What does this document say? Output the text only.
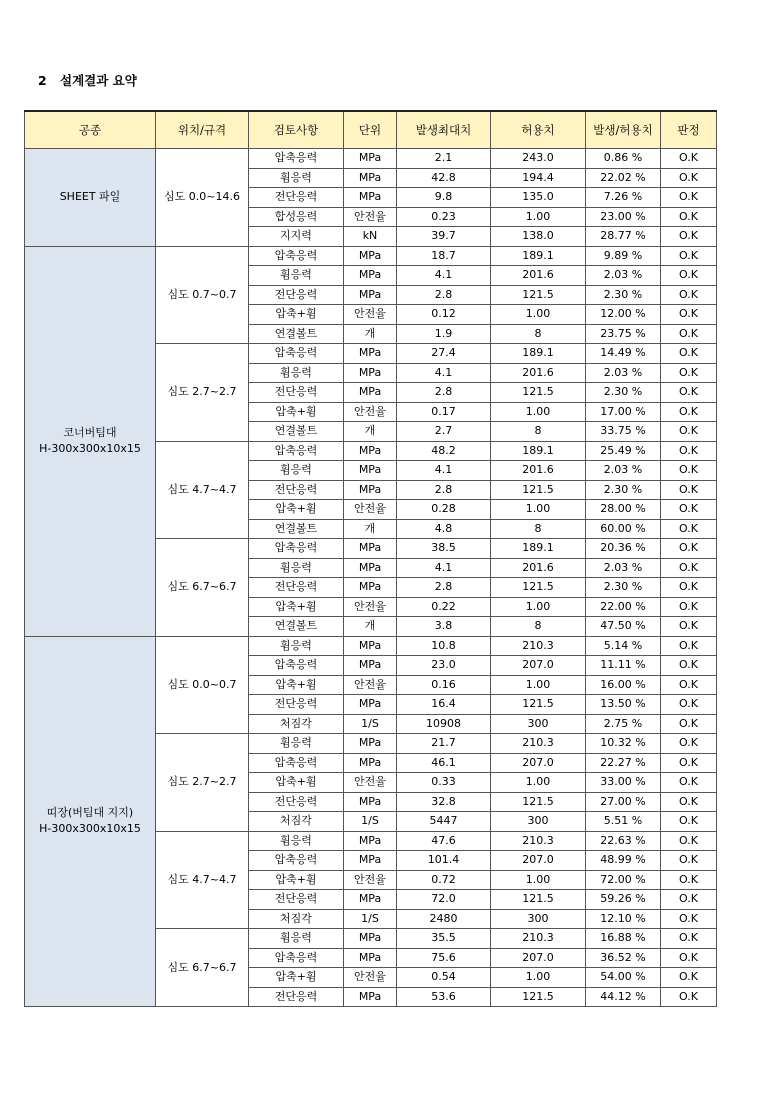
2 설계결과 요약
공종	위치/규격	검토사항	단위	발생최대치	허용치	발생/허용치	판정

SHEET 파일	심도 0.0~14.6	압축응력	MPa	2.1	243.0	0.86 %	O.K
		휨응력	MPa	42.8	194.4	22.02 %	O.K
		전단응력	MPa	9.8	135.0	7.26 %	O.K
		합성응력	안전율	0.23	1.00	23.00 %	O.K
		지지력	kN	39.7	138.0	28.77 %	O.K

코너버팀대
H-300x300x10x15	심도 0.7~0.7	압축응력	MPa	18.7	189.1	9.89 %	O.K
		휨응력	MPa	4.1	201.6	2.03 %	O.K
		전단응력	MPa	2.8	121.5	2.30 %	O.K
		압축+휨	안전율	0.12	1.00	12.00 %	O.K
		연결볼트	개	1.9	8	23.75 %	O.K
	심도 2.7~2.7	압축응력	MPa	27.4	189.1	14.49 %	O.K
		휨응력	MPa	4.1	201.6	2.03 %	O.K
		전단응력	MPa	2.8	121.5	2.30 %	O.K
		압축+휨	안전율	0.17	1.00	17.00 %	O.K
		연결볼트	개	2.7	8	33.75 %	O.K
	심도 4.7~4.7	압축응력	MPa	48.2	189.1	25.49 %	O.K
		휨응력	MPa	4.1	201.6	2.03 %	O.K
		전단응력	MPa	2.8	121.5	2.30 %	O.K
		압축+휨	안전율	0.28	1.00	28.00 %	O.K
		연결볼트	개	4.8	8	60.00 %	O.K
	심도 6.7~6.7	압축응력	MPa	38.5	189.1	20.36 %	O.K
		휨응력	MPa	4.1	201.6	2.03 %	O.K
		전단응력	MPa	2.8	121.5	2.30 %	O.K
		압축+휨	안전율	0.22	1.00	22.00 %	O.K
		연결볼트	개	3.8	8	47.50 %	O.K

띠장(버팀대 지지)
H-300x300x10x15	심도 0.0~0.7	휨응력	MPa	10.8	210.3	5.14 %	O.K
		압축응력	MPa	23.0	207.0	11.11 %	O.K
		압축+휨	안전율	0.16	1.00	16.00 %	O.K
		전단응력	MPa	16.4	121.5	13.50 %	O.K
		처짐각	1/S	10908	300	2.75 %	O.K
	심도 2.7~2.7	휨응력	MPa	21.7	210.3	10.32 %	O.K
		압축응력	MPa	46.1	207.0	22.27 %	O.K
		압축+휨	안전율	0.33	1.00	33.00 %	O.K
		전단응력	MPa	32.8	121.5	27.00 %	O.K
		처짐각	1/S	5447	300	5.51 %	O.K
	심도 4.7~4.7	휨응력	MPa	47.6	210.3	22.63 %	O.K
		압축응력	MPa	101.4	207.0	48.99 %	O.K
		압축+휨	안전율	0.72	1.00	72.00 %	O.K
		전단응력	MPa	72.0	121.5	59.26 %	O.K
		처짐각	1/S	2480	300	12.10 %	O.K
	심도 6.7~6.7	휨응력	MPa	35.5	210.3	16.88 %	O.K
		압축응력	MPa	75.6	207.0	36.52 %	O.K
		압축+휨	안전율	0.54	1.00	54.00 %	O.K
		전단응력	MPa	53.6	121.5	44.12 %	O.K
